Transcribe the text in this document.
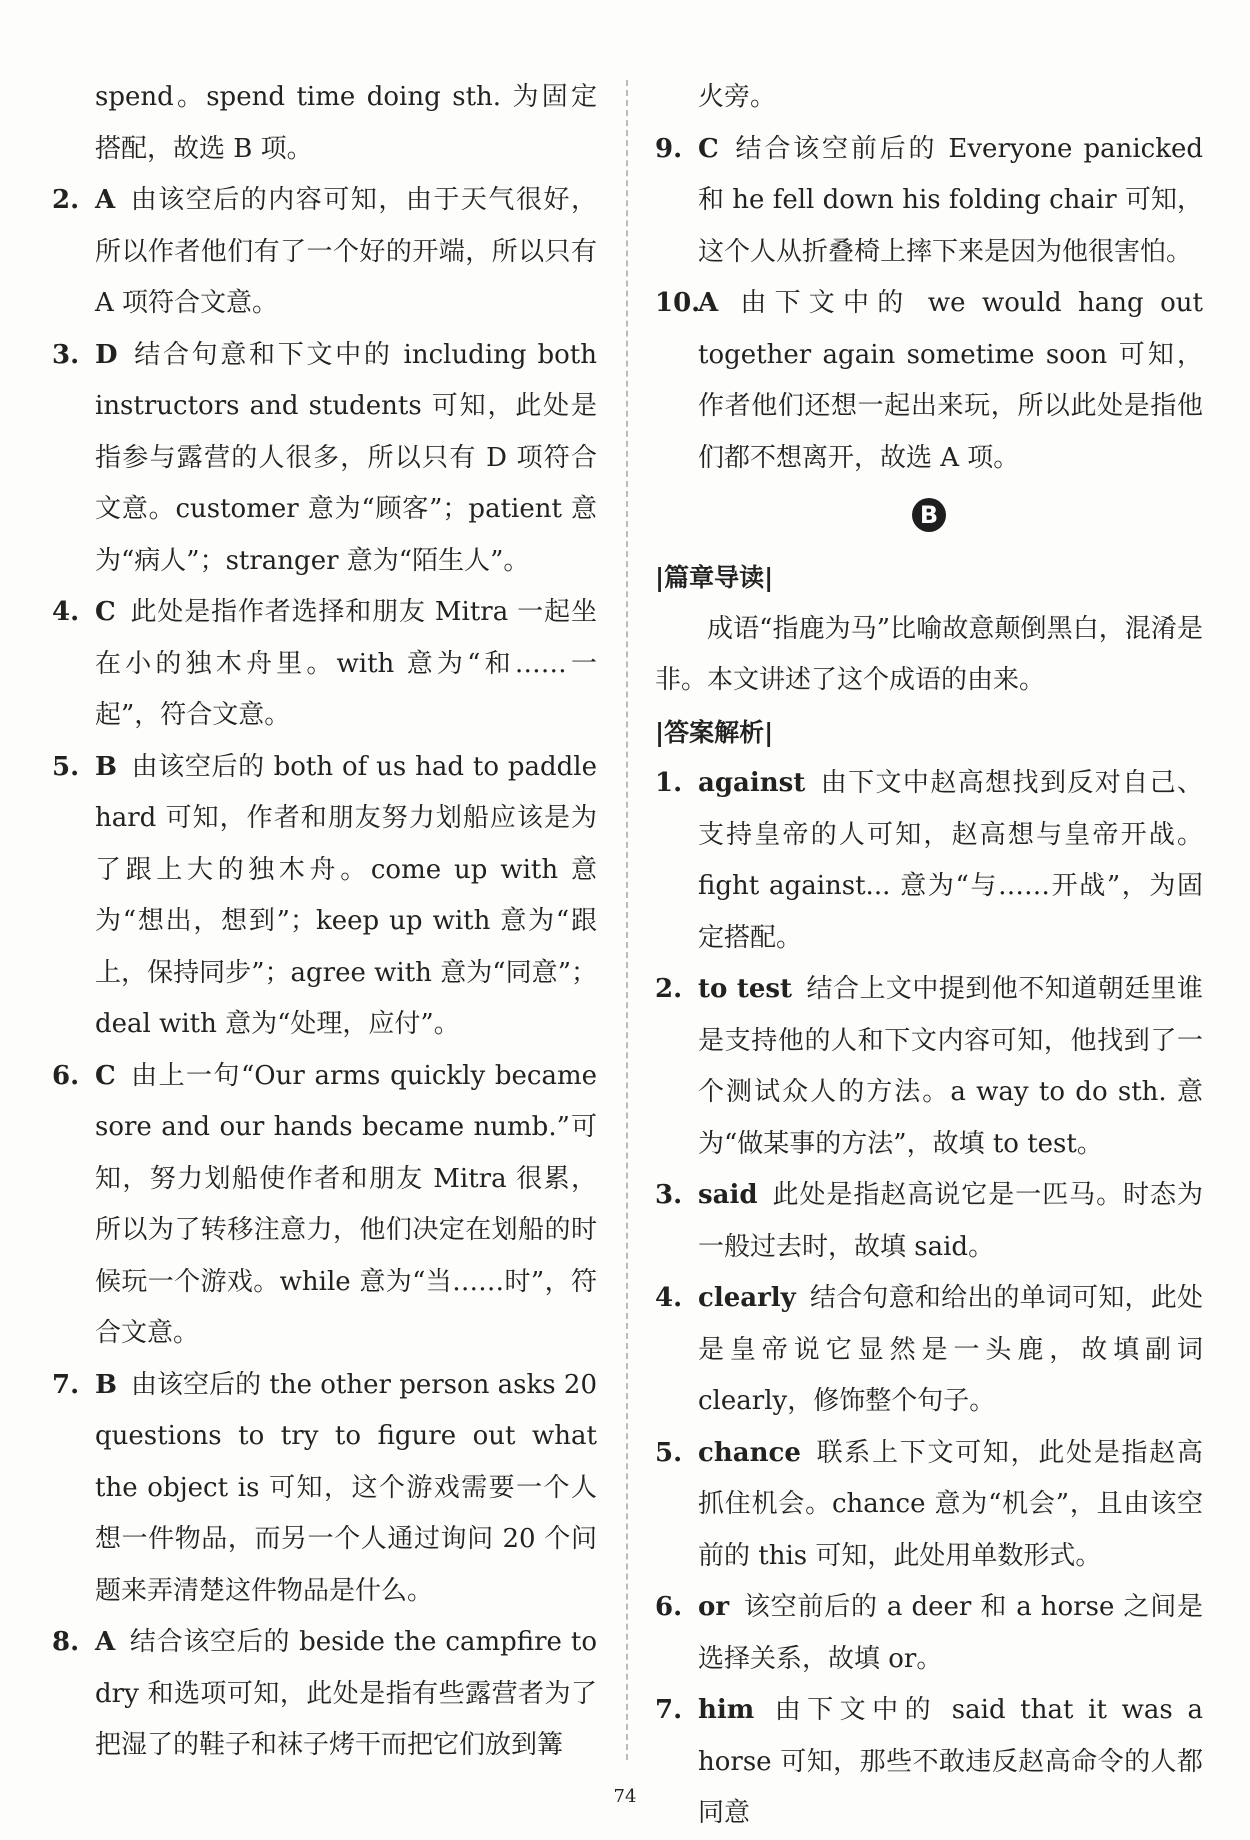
spend。spend time doing sth. 为固定搭配，故选 B 项。
2. A 由该空后的内容可知，由于天气很好，所以作者他们有了一个好的开端，所以只有 A 项符合文意。
3. D 结合句意和下文中的 including both instructors and students 可知，此处是指参与露营的人很多，所以只有 D 项符合文意。customer 意为“顾客”；patient 意为“病人”；stranger 意为“陌生人”。
4. C 此处是指作者选择和朋友 Mitra 一起坐在小的独木舟里。with 意为“和……一起”，符合文意。
5. B 由该空后的 both of us had to paddle hard 可知，作者和朋友努力划船应该是为了跟上大的独木舟。come up with 意为“想出，想到”；keep up with 意为“跟上，保持同步”；agree with 意为“同意”；deal with 意为“处理，应付”。
6. C 由上一句“Our arms quickly became sore and our hands became numb.”可知，努力划船使作者和朋友 Mitra 很累，所以为了转移注意力，他们决定在划船的时候玩一个游戏。while 意为“当……时”，符合文意。
7. B 由该空后的 the other person asks 20 questions to try to figure out what the object is 可知，这个游戏需要一个人想一件物品，而另一个人通过询问 20 个问题来弄清楚这件物品是什么。
8. A 结合该空后的 beside the campfire to dry 和选项可知，此处是指有些露营者为了把湿了的鞋子和袜子烤干而把它们放到篝
火旁。
9. C 结合该空前后的 Everyone panicked 和 he fell down his folding chair 可知，这个人从折叠椅上摔下来是因为他很害怕。
10.
A 由下文中的 we would hang out together again sometime soon 可知，作者他们还想一起出来玩，所以此处是指他们都不想离开，故选 A 项。
B
|篇章导读|
成语“指鹿为马”比喻故意颠倒黑白，混淆是非。本文讲述了这个成语的由来。
|答案解析|
1. against 由下文中赵高想找到反对自己、支持皇帝的人可知，赵高想与皇帝开战。fight against... 意为“与……开战”，为固定搭配。
2. to test 结合上文中提到他不知道朝廷里谁是支持他的人和下文内容可知，他找到了一个测试众人的方法。a way to do sth. 意为“做某事的方法”，故填 to test。
3. said 此处是指赵高说它是一匹马。时态为一般过去时，故填 said。
4. clearly 结合句意和给出的单词可知，此处是皇帝说它显然是一头鹿，故填副词 clearly，修饰整个句子。
5. chance 联系上下文可知，此处是指赵高抓住机会。chance 意为“机会”，且由该空前的 this 可知，此处用单数形式。
6. or 该空前后的 a deer 和 a horse 之间是选择关系，故填 or。
7. him 由下文中的 said that it was a horse 可知，那些不敢违反赵高命令的人都同意
74
